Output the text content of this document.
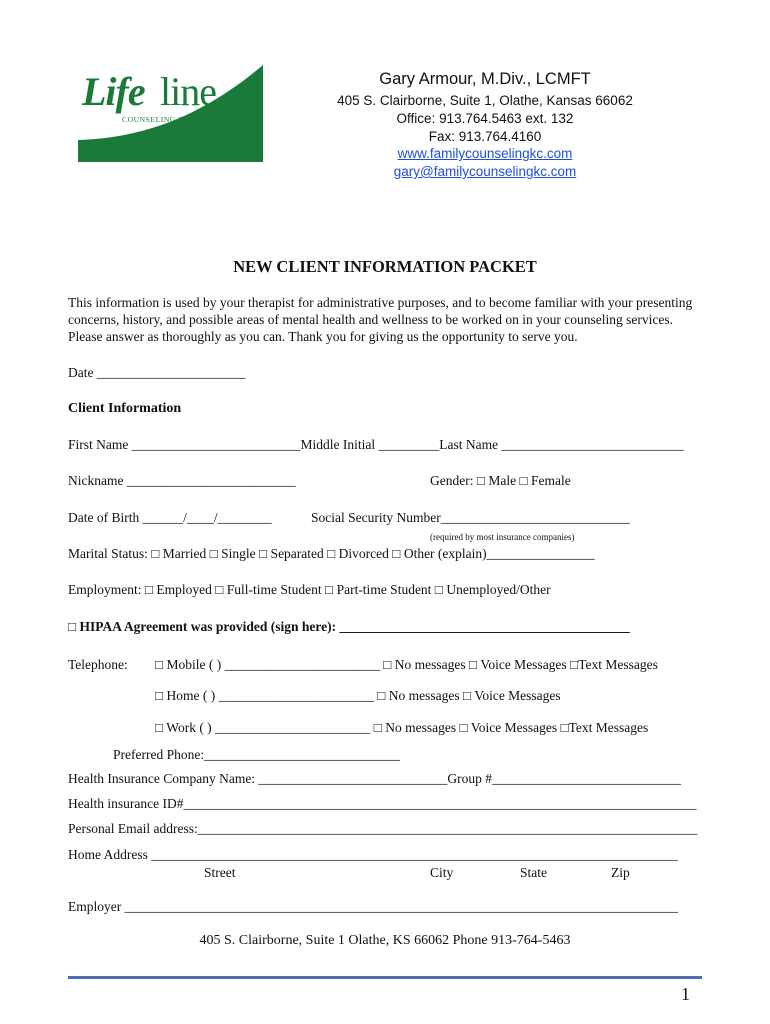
Life line
COUNSELING CENTER
Gary Armour, M.Div., LCMFT
405 S. Clairborne, Suite 1, Olathe, Kansas 66062
Office: 913.764.5463 ext. 132
Fax: 913.764.4160
www.familycounselingkc.com
gary@familycounselingkc.com
NEW CLIENT INFORMATION PACKET
This information is used by your therapist for administrative purposes, and to become familiar with your presenting concerns, history, and possible areas of mental health and wellness to be worked on in your counseling services. Please answer as thoroughly as you can. Thank you for giving us the opportunity to serve you.
Date ______________________
Client Information
First Name _________________________Middle Initial _________Last Name ___________________________
Nickname _________________________	Gender: □ Male □ Female
Date of Birth ______/____/________	Social Security Number____________________________
(required by most insurance companies)
Marital Status: □ Married □ Single □ Separated □ Divorced □ Other (explain)________________
Employment: □ Employed □ Full-time Student □ Part-time Student □ Unemployed/Other
□ HIPAA Agreement was provided (sign here): ___________________________________________
Telephone: □ Mobile ( ) _______________________ □ No messages □ Voice Messages □Text Messages
□ Home ( ) _______________________ □ No messages □ Voice Messages
□ Work ( ) _______________________ □ No messages □ Voice Messages □Text Messages
Preferred Phone:_____________________________
Health Insurance Company Name: ____________________________Group #____________________________
Health insurance ID#____________________________________________________________________________
Personal Email address:__________________________________________________________________________
Home Address ______________________________________________________________________________
Street	City	State	Zip
Employer __________________________________________________________________________________
405 S. Clairborne, Suite 1 Olathe, KS 66062 Phone 913-764-5463
1
